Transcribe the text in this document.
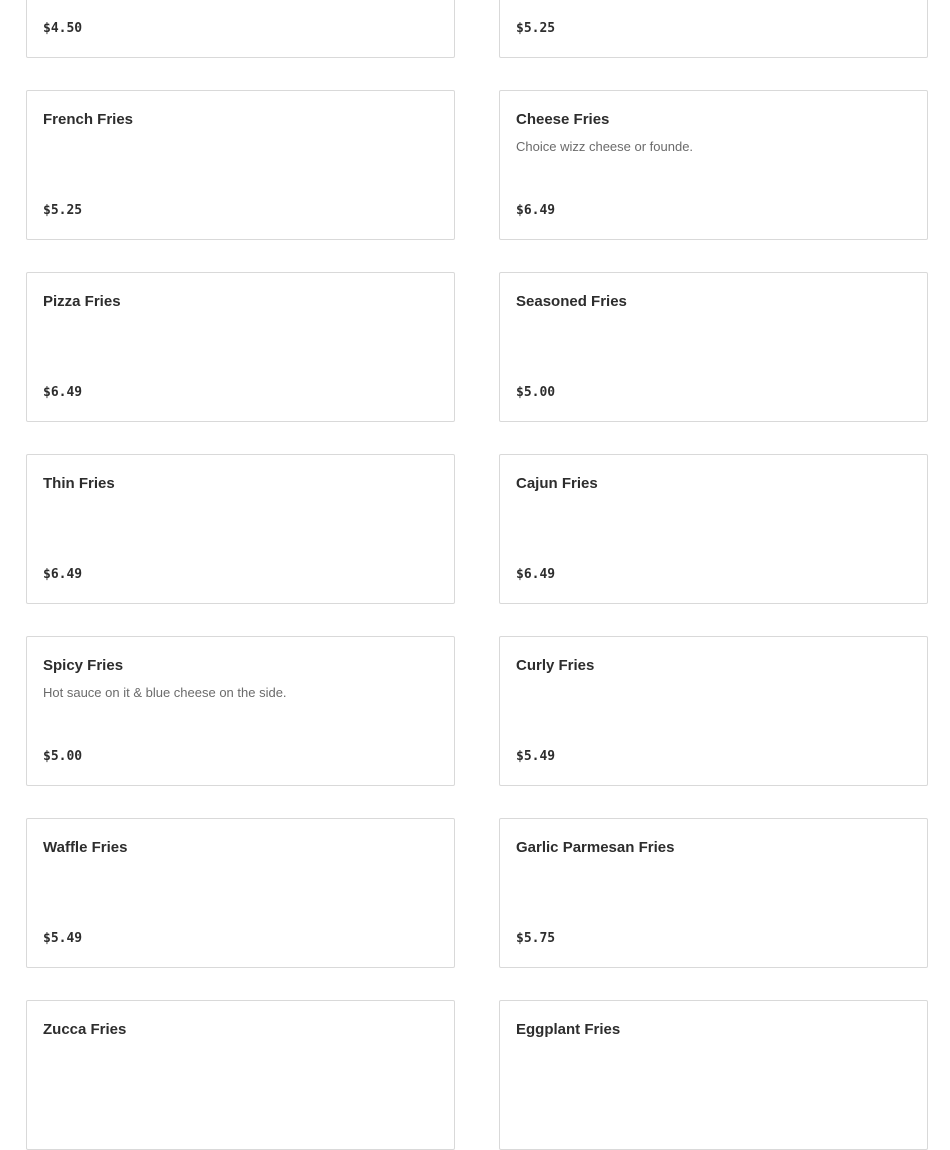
$4.50	$5.25
French Fries
$5.25
Cheese Fries
Choice wizz cheese or founde.
$6.49
Pizza Fries
$6.49
Seasoned Fries
$5.00
Thin Fries
$6.49
Cajun Fries
$6.49
Spicy Fries
Hot sauce on it & blue cheese on the side.
$5.00
Curly Fries
$5.49
Waffle Fries
$5.49
Garlic Parmesan Fries
$5.75
Zucca Fries	Eggplant Fries
